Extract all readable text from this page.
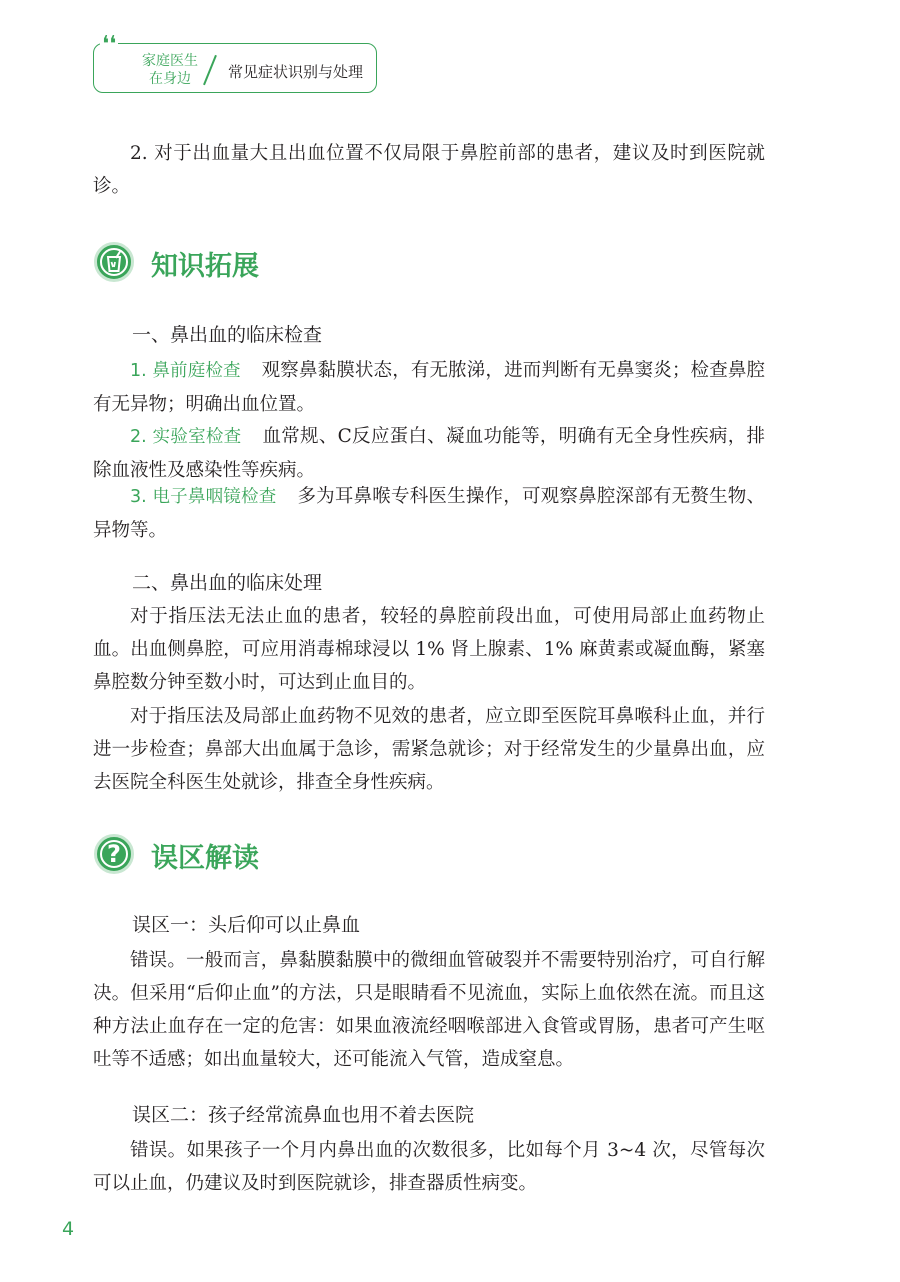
❛❛
家庭医生
在身边	常见症状识别与处理
2. 对于出血量大且出血位置不仅局限于鼻腔前部的患者，建议及时到医院就诊。
知识拓展
一、鼻出血的临床检查
1. 鼻前庭检查 观察鼻黏膜状态，有无脓涕，进而判断有无鼻窦炎；检查鼻腔有无异物；明确出血位置。
2. 实验室检查 血常规、C反应蛋白、凝血功能等，明确有无全身性疾病，排除血液性及感染性等疾病。
3. 电子鼻咽镜检查 多为耳鼻喉专科医生操作，可观察鼻腔深部有无赘生物、异物等。
二、鼻出血的临床处理
对于指压法无法止血的患者，较轻的鼻腔前段出血，可使用局部止血药物止血。出血侧鼻腔，可应用消毒棉球浸以 1% 肾上腺素、1% 麻黄素或凝血酶，紧塞鼻腔数分钟至数小时，可达到止血目的。
对于指压法及局部止血药物不见效的患者，应立即至医院耳鼻喉科止血，并行进一步检查；鼻部大出血属于急诊，需紧急就诊；对于经常发生的少量鼻出血，应去医院全科医生处就诊，排查全身性疾病。
?	误区解读
误区一：头后仰可以止鼻血
错误。一般而言，鼻黏膜黏膜中的微细血管破裂并不需要特别治疗，可自行解决。但采用“后仰止血”的方法，只是眼睛看不见流血，实际上血依然在流。而且这种方法止血存在一定的危害：如果血液流经咽喉部进入食管或胃肠，患者可产生呕吐等不适感；如出血量较大，还可能流入气管，造成窒息。
误区二：孩子经常流鼻血也用不着去医院
错误。如果孩子一个月内鼻出血的次数很多，比如每个月 3~4 次，尽管每次可以止血，仍建议及时到医院就诊，排查器质性病变。
4
